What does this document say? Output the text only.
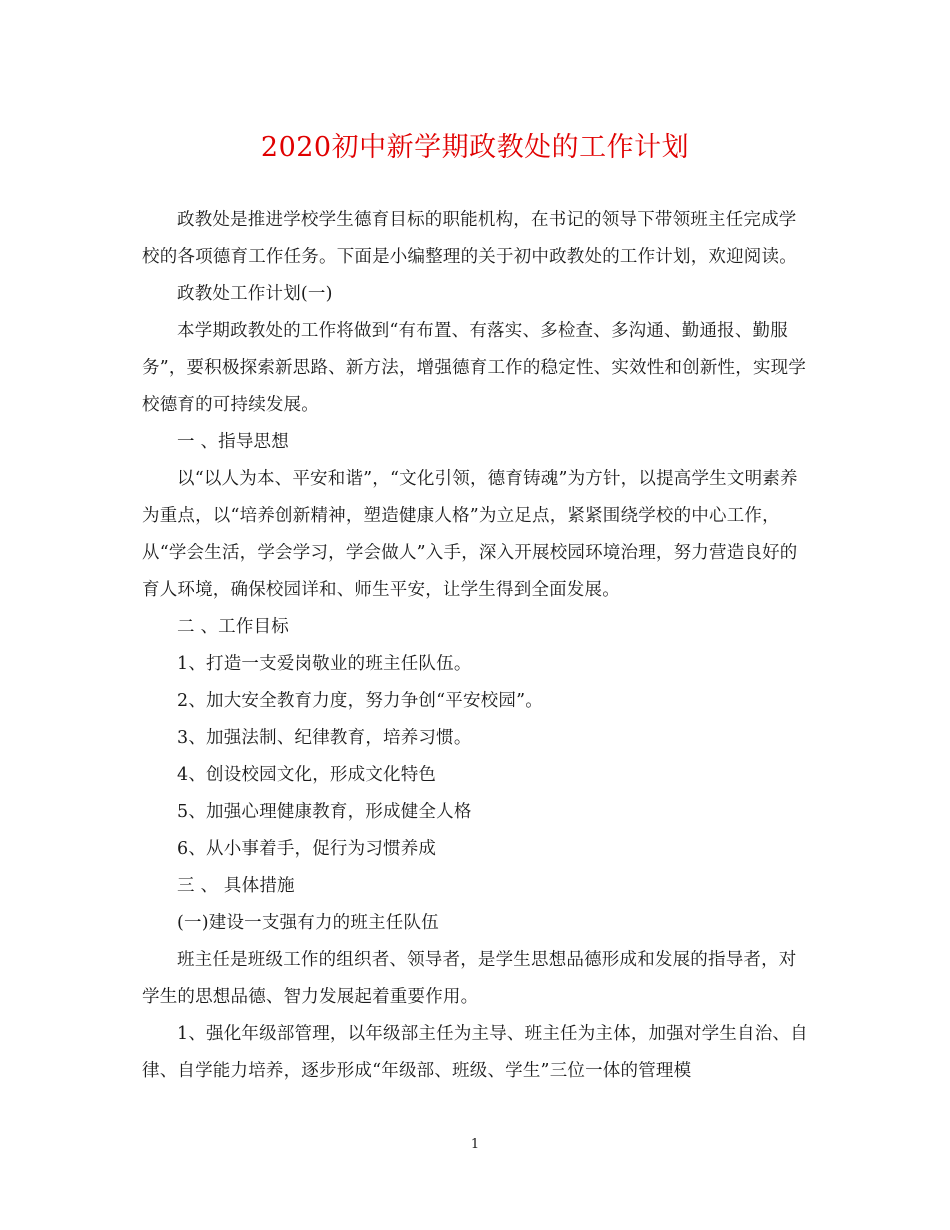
2020初中新学期政教处的工作计划

政教处是推进学校学生德育目标的职能机构，在书记的领导下带领班主任完成学校的各项德育工作任务。下面是小编整理的关于初中政教处的工作计划，欢迎阅读。

政教处工作计划(一)

本学期政教处的工作将做到“有布置、有落实、多检查、多沟通、勤通报、勤服务”，要积极探索新思路、新方法，增强德育工作的稳定性、实效性和创新性，实现学校德育的可持续发展。

一 、指导思想

以“以人为本、平安和谐”，“文化引领，德育铸魂”为方针，以提高学生文明素养为重点，以“培养创新精神，塑造健康人格”为立足点，紧紧围绕学校的中心工作，从“学会生活，学会学习，学会做人”入手，深入开展校园环境治理，努力营造良好的育人环境，确保校园详和、师生平安，让学生得到全面发展。

二 、工作目标

1、打造一支爱岗敬业的班主任队伍。

2、加大安全教育力度，努力争创“平安校园”。

3、加强法制、纪律教育，培养习惯。

4、创设校园文化，形成文化特色

5、加强心理健康教育，形成健全人格

6、从小事着手，促行为习惯养成

三 、 具体措施

(一)建设一支强有力的班主任队伍

班主任是班级工作的组织者、领导者，是学生思想品德形成和发展的指导者，对学生的思想品德、智力发展起着重要作用。

1、强化年级部管理，以年级部主任为主导、班主任为主体，加强对学生自治、自律、自学能力培养，逐步形成“年级部、班级、学生”三位一体的管理模

1
